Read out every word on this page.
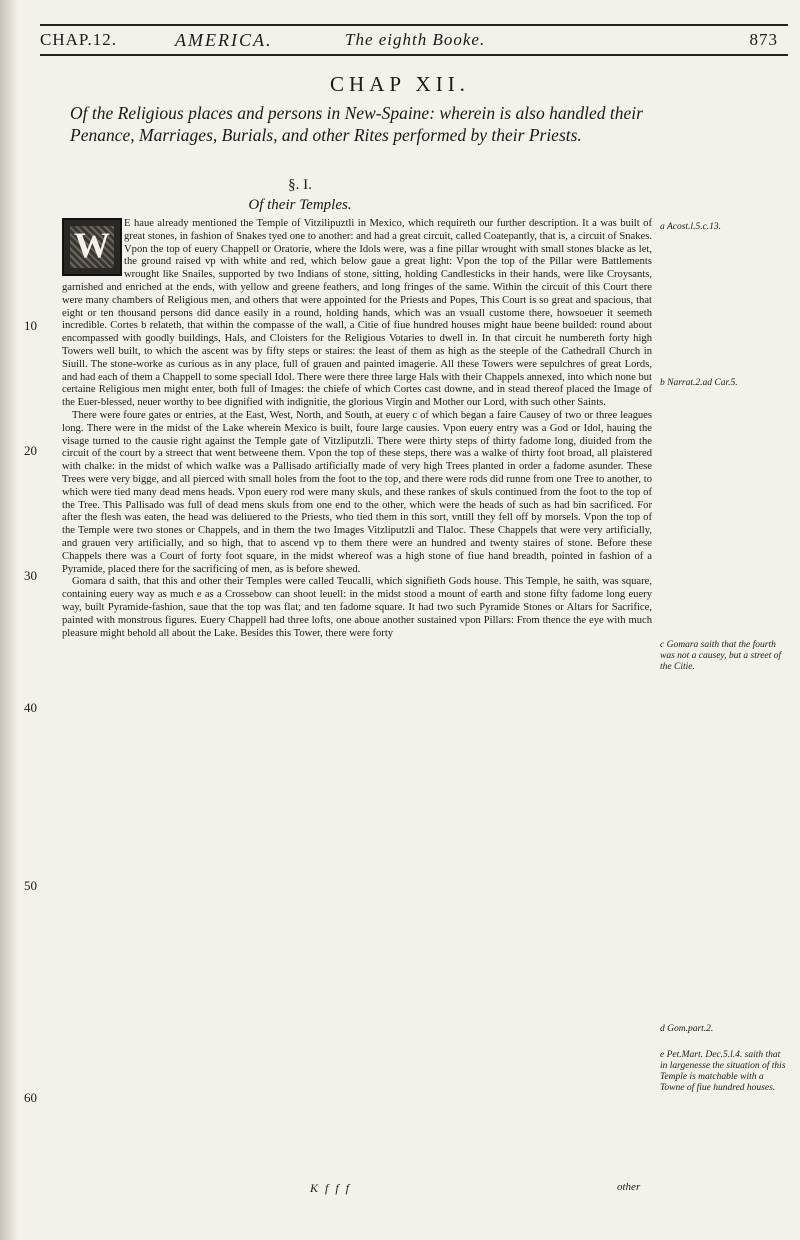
CHAP.12.	AMERICA.	The eighth Booke.	873
CHAP XII.
Of the Religious places and persons in New-Spaine: wherein is also handled their Penance, Marriages, Burials, and other Rites performed by their Priests.
§. I.
Of their Temples.

E haue already mentioned the Temple of Vitzilipuztli in Mexico, which requireth our further description. It a was built of great stones, in fashion of Snakes tyed one to another: and had a great circuit, called Coatepantly, that is, a circuit of Snakes. Vpon the top of euery Chappell or Oratorie, where the Idols were, was a fine pillar wrought with small stones blacke as let, the ground raised vp with white and red, which below gaue a great light: Vpon the top of the Pillar were Battlements wrought like Snailes, supported by two Indians of stone, sitting, holding Candlesticks in their hands, were like Croysants, garnished and enriched at the ends, with yellow and greene feathers, and long fringes of the same. Within the circuit of this Court there were many chambers of Religious men, and others that were appointed for the Priests and Popes, This Court is so great and spacious, that eight or ten thousand persons did dance easily in a round, holding hands, which was an vsuall custome there, howsoeuer it seemeth incredible. Cortes b relateth, that within the compasse of the wall, a Citie of fiue hundred houses might haue beene builded: round about encompassed with goodly buildings, Hals, and Cloisters for the Religious Votaries to dwell in. In that circuit he numbereth forty high Towers well built, to which the ascent was by fifty steps or staires: the least of them as high as the steeple of the Cathedrall Church in Siuill. The stone-worke as curious as in any place, full of grauen and painted imagerie. All these Towers were sepulchres of great Lords, and had each of them a Chappell to some speciall Idol. There were there three large Hals with their Chappels annexed, into which none but certaine Religious men might enter, both full of Images: the chiefe of which Cortes cast downe, and in stead thereof placed the Image of the Euer-blessed, neuer worthy to bee dignified with indignitie, the glorious Virgin and Mother our Lord, with such other Saints.

There were foure gates or entries, at the East, West, North, and South, at euery c of which began a faire Causey of two or three leagues long. There were in the midst of the Lake wherein Mexico is built, foure large causies. Vpon euery entry was a God or Idol, hauing the visage turned to the causie right against the Temple gate of Vitzliputzli. There were thirty steps of thirty fadome long, diuided from the circuit of the court by a streect that went betweene them. Vpon the top of these steps, there was a walke of thirty foot broad, all plaistered with chalke: in the midst of which walke was a Pallisado artificially made of very high Trees planted in order a fadome asunder. These Trees were very bigge, and all pierced with small holes from the foot to the top, and there were rods did runne from one Tree to another, to which were tied many dead mens heads. Vpon euery rod were many skuls, and these rankes of skuls continued from the foot to the top of the Tree. This Pallisado was full of dead mens skuls from one end to the other, which were the heads of such as had bin sacrificed. For after the flesh was eaten, the head was deliuered to the Priests, who tied them in this sort, vntill they fell off by morsels. Vpon the top of the Temple were two stones or Chappels, and in them the two Images Vitzliputzli and Tlaloc. These Chappels that were very artificially, and grauen very artificially, and so high, that to ascend vp to them there were an hundred and twenty staires of stone. Before these Chappels there was a Court of forty foot square, in the midst whereof was a high stone of fiue hand breadth, pointed in fashion of a Pyramide, placed there for the sacrificing of men, as is before shewed.

Gomara d saith, that this and other their Temples were called Teucalli, which signifieth Gods house. This Temple, he saith, was square, containing euery way as much e as a Crossebow can shoot leuell: in the midst stood a mount of earth and stone fifty fadome long euery way, built Pyramide-fashion, saue that the top was flat; and ten fadome square. It had two such Pyramide Stones or Altars for Sacrifice, painted with monstrous figures. Euery Chappell had three lofts, one aboue another sustained vpon Pillars: From thence the eye with much pleasure might behold all about the Lake. Besides this Tower, there were forty

W
10
20
30
40
50
60
a Acost.l.5.c.13.
b Narrat.2.ad Car.5.
c Gomara saith that the fourth was not a causey, but a street of the Citie.
d Gom.part.2.
e Pet.Mart. Dec.5.l.4. saith that in largenesse the situation of this Temple is matchable with a Towne of fiue hundred houses.
K f f f	other
